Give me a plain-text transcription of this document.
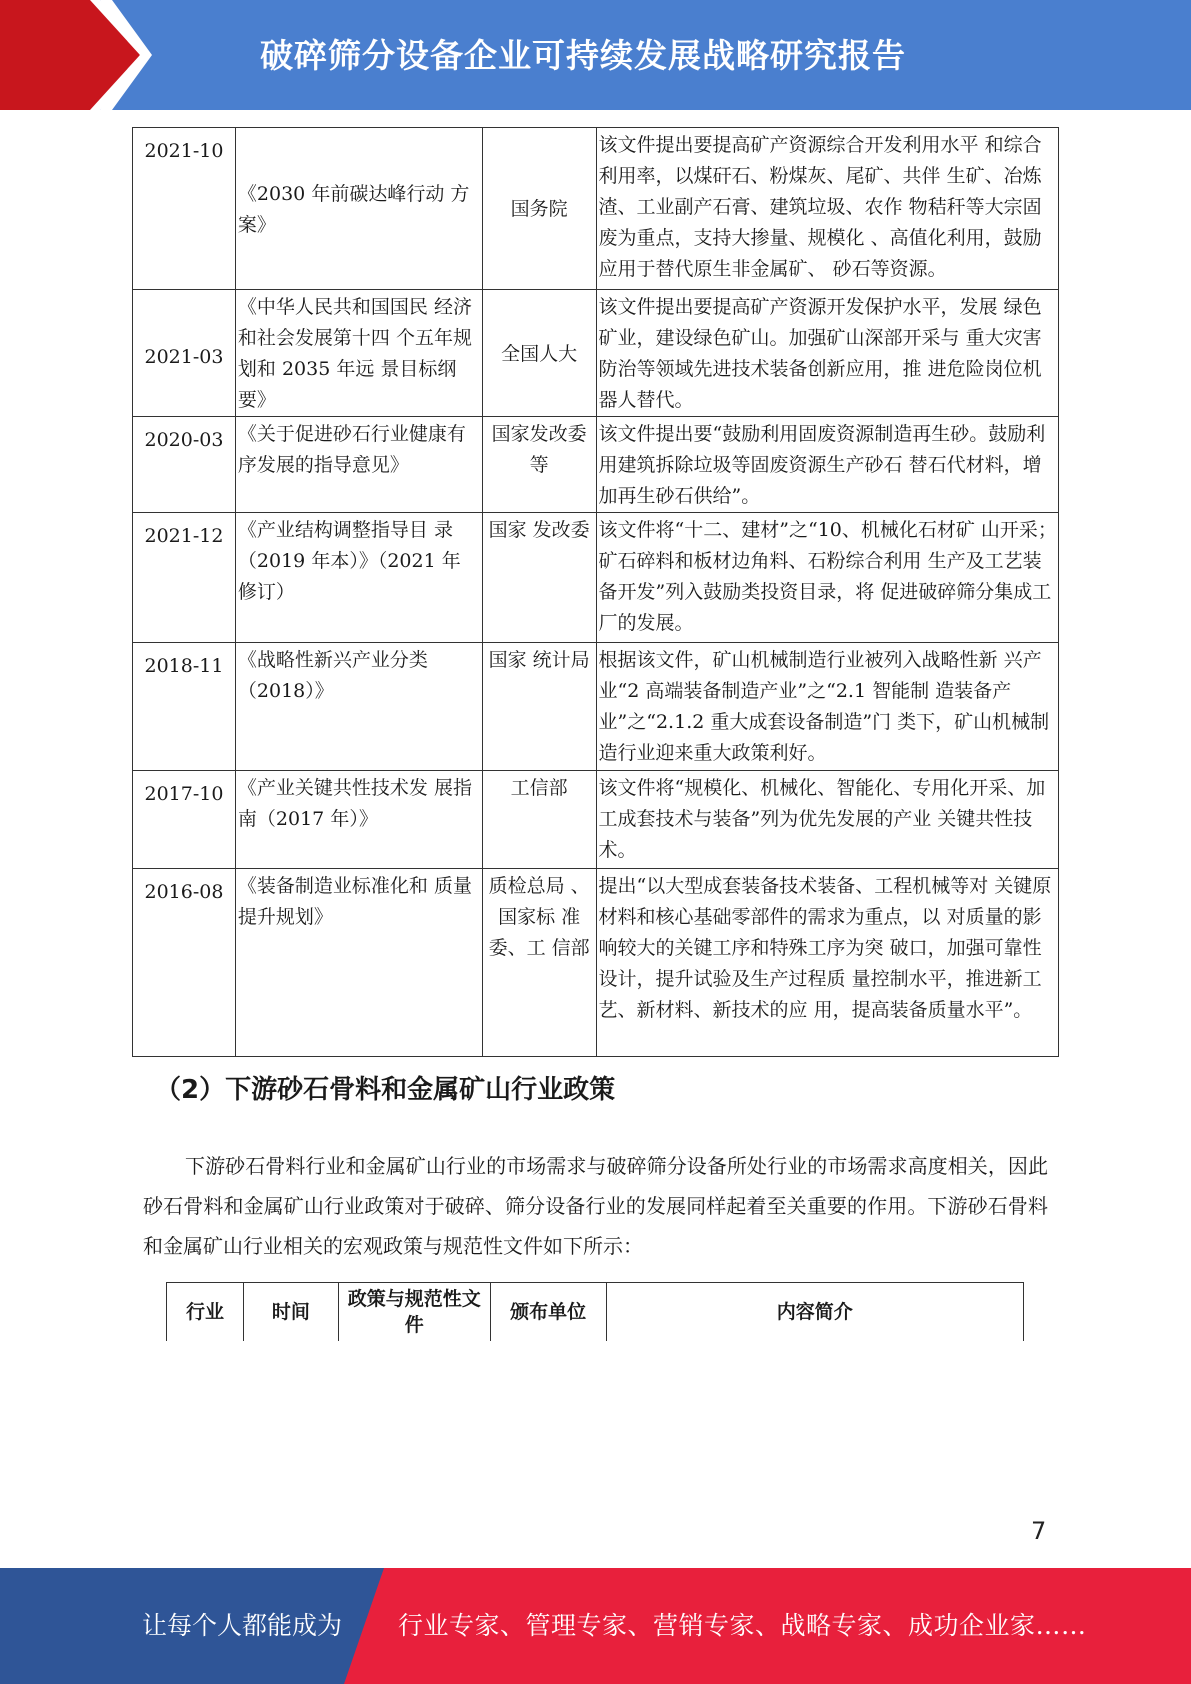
破碎筛分设备企业可持续发展战略研究报告
2021-10	《2030 年前碳达峰行动 方案》	国务院	该文件提出要提高矿产资源综合开发利用水平 和综合利用率，以煤矸石、粉煤灰、尾矿、共伴 生矿、冶炼渣、工业副产石膏、建筑垃圾、农作 物秸秆等大宗固废为重点，支持大掺量、规模化 、高值化利用，鼓励应用于替代原生非金属矿、 砂石等资源。
2021-03	《中华人民共和国国民 经济和社会发展第十四 个五年规划和 2035 年远 景目标纲要》	全国人大	该文件提出要提高矿产资源开发保护水平，发展 绿色矿业，建设绿色矿山。加强矿山深部开采与 重大灾害防治等领域先进技术装备创新应用，推 进危险岗位机器人替代。
2020-03	《关于促进砂石行业健康有序发展的指导意见》	国家发改委等	该文件提出要“鼓励利用固废资源制造再生砂。鼓励利用建筑拆除垃圾等固废资源生产砂石 替石代材料，增加再生砂石供给”。
2021-12	《产业结构调整指导目 录（2019 年本）》（2021 年修订）	国家 发改委	该文件将“十二、建材”之“10、机械化石材矿 山开采；矿石碎料和板材边角料、石粉综合利用 生产及工艺装备开发”列入鼓励类投资目录，将 促进破碎筛分集成工厂的发展。
2018-11	《战略性新兴产业分类（2018）》	国家 统计局	根据该文件，矿山机械制造行业被列入战略性新 兴产业“2 高端装备制造产业”之“2.1 智能制 造装备产业”之“2.1.2 重大成套设备制造”门 类下，矿山机械制造行业迎来重大政策利好。
2017-10	《产业关键共性技术发 展指南（2017 年）》	工信部	该文件将“规模化、机械化、智能化、专用化开采、加工成套技术与装备”列为优先发展的产业 关键共性技术。
2016-08	《装备制造业标准化和 质量提升规划》	质检总局 、国家标 准委、工 信部	提出“以大型成套装备技术装备、工程机械等对 关键原材料和核心基础零部件的需求为重点，以 对质量的影响较大的关键工序和特殊工序为突 破口，加强可靠性设计，提升试验及生产过程质 量控制水平，推进新工艺、新材料、新技术的应 用，提高装备质量水平”。
（2）下游砂石骨料和金属矿山行业政策

下游砂石骨料行业和金属矿山行业的市场需求与破碎筛分设备所处行业的市场需求高度相关，因此砂石骨料和金属矿山行业政策对于破碎、筛分设备行业的发展同样起着至关重要的作用。下游砂石骨料和金属矿山行业相关的宏观政策与规范性文件如下所示：

行业	时间	政策与规范性文件	颁布单位	内容简介
7
让每个人都能成为 行业专家、管理专家、营销专家、战略专家、成功企业家……
